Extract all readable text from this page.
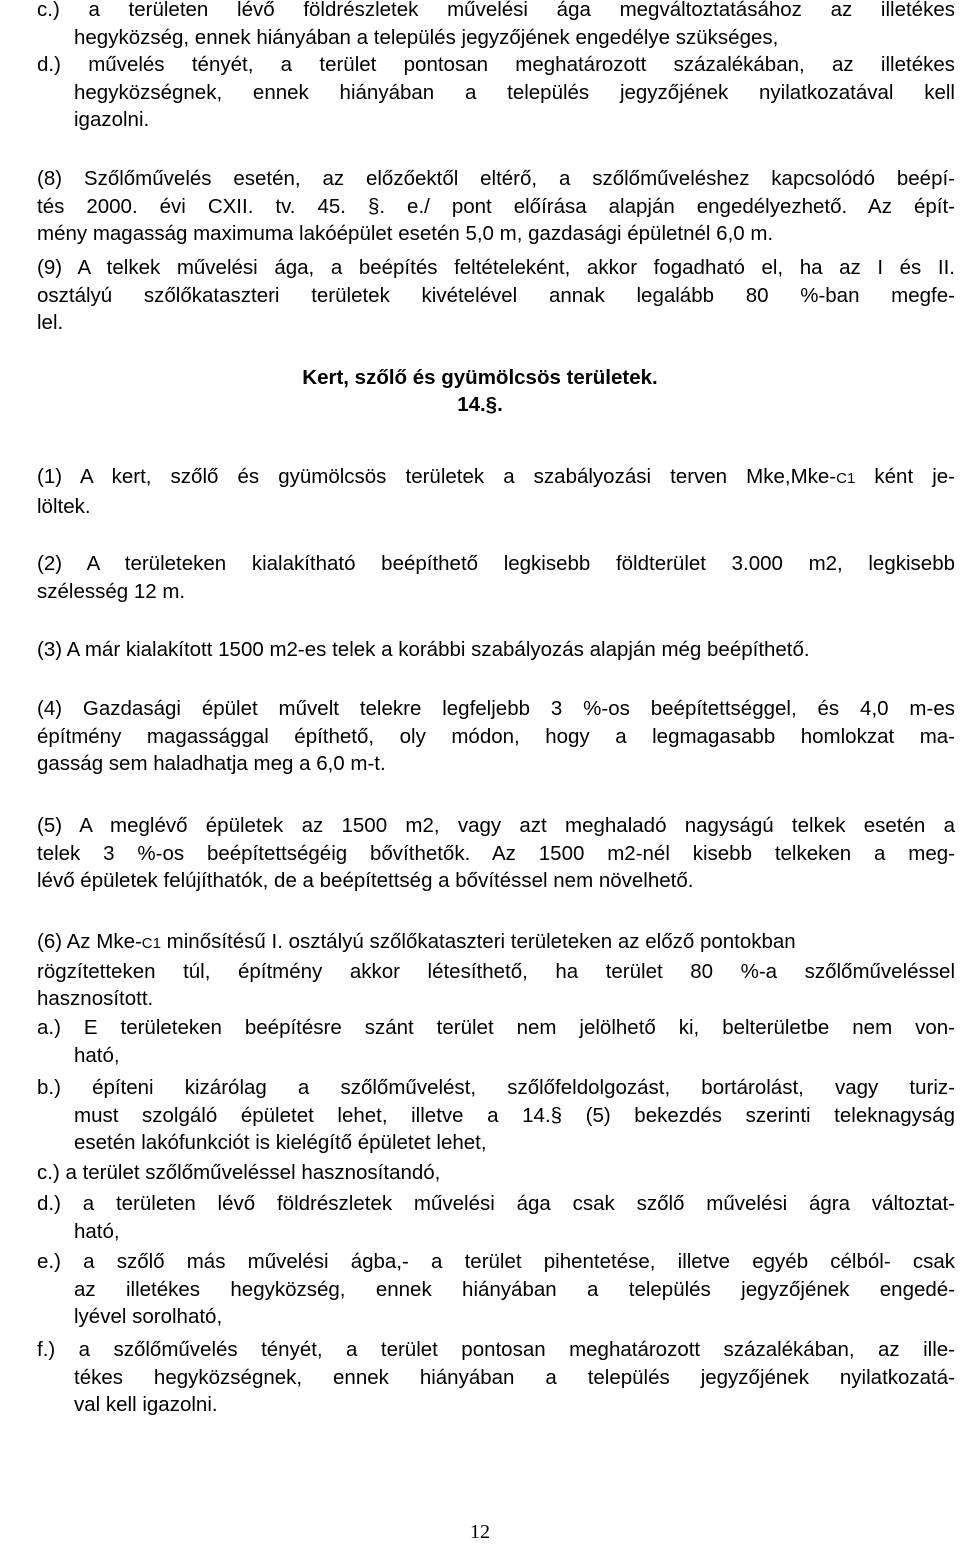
c.) a területen lévő földrészletek művelési ága megváltoztatásához az illetékes
hegyközség, ennek hiányában a település jegyzőjének engedélye szükséges,
d.) művelés tényét, a terület pontosan meghatározott százalékában, az illetékes
hegyközségnek, ennek hiányában a település jegyzőjének nyilatkozatával kell
igazolni.
(8) Szőlőművelés esetén, az előzőektől eltérő, a szőlőműveléshez kapcsolódó beépí-
tés 2000. évi CXII. tv. 45. §. e./ pont előírása alapján engedélyezhető. Az épít-
mény magasság maximuma lakóépület esetén 5,0 m, gazdasági épületnél 6,0 m.
(9) A telkek művelési ága, a beépítés feltételeként, akkor fogadható el, ha az I és II.
osztályú szőlőkataszteri területek kivételével annak legalább 80 %-ban megfe-
lel.

Kert, szőlő és gyümölcsös területek.

14.§.

(1) A kert, szőlő és gyümölcsös területek a szabályozási terven Mke,Mke-C1 ként je-
löltek.
(2) A területeken kialakítható beépíthető legkisebb földterület 3.000 m2, legkisebb
szélesség 12 m.
(3) A már kialakított 1500 m2-es telek a korábbi szabályozás alapján még beépíthető.
(4) Gazdasági épület művelt telekre legfeljebb 3 %-os beépítettséggel, és 4,0 m-es
építmény magassággal építhető, oly módon, hogy a legmagasabb homlokzat ma-
gasság sem haladhatja meg a 6,0 m-t.
(5) A meglévő épületek az 1500 m2, vagy azt meghaladó nagyságú telkek esetén a
telek 3 %-os beépítettségéig bővíthetők. Az 1500 m2-nél kisebb telkeken a meg-
lévő épületek felújíthatók, de a beépítettség a bővítéssel nem növelhető.
(6) Az Mke-C1 minősítésű I. osztályú szőlőkataszteri területeken az előző pontokban
rögzítetteken túl, építmény akkor létesíthető, ha terület 80 %-a szőlőműveléssel
hasznosított.
a.) E területeken beépítésre szánt terület nem jelölhető ki, belterületbe nem von-
ható,
b.) építeni kizárólag a szőlőművelést, szőlőfeldolgozást, bortárolást, vagy turiz-
must szolgáló épületet lehet, illetve a 14.§ (5) bekezdés szerinti teleknagyság
esetén lakófunkciót is kielégítő épületet lehet,
c.) a terület szőlőműveléssel hasznosítandó,
d.) a területen lévő földrészletek művelési ága csak szőlő művelési ágra változtat-
ható,
e.) a szőlő más művelési ágba,- a terület pihentetése, illetve egyéb célból- csak
az illetékes hegyközség, ennek hiányában a település jegyzőjének engedé-
lyével sorolható,
f.) a szőlőművelés tényét, a terület pontosan meghatározott százalékában, az ille-
tékes hegyközségnek, ennek hiányában a település jegyzőjének nyilatkozatá-
val kell igazolni.
12
